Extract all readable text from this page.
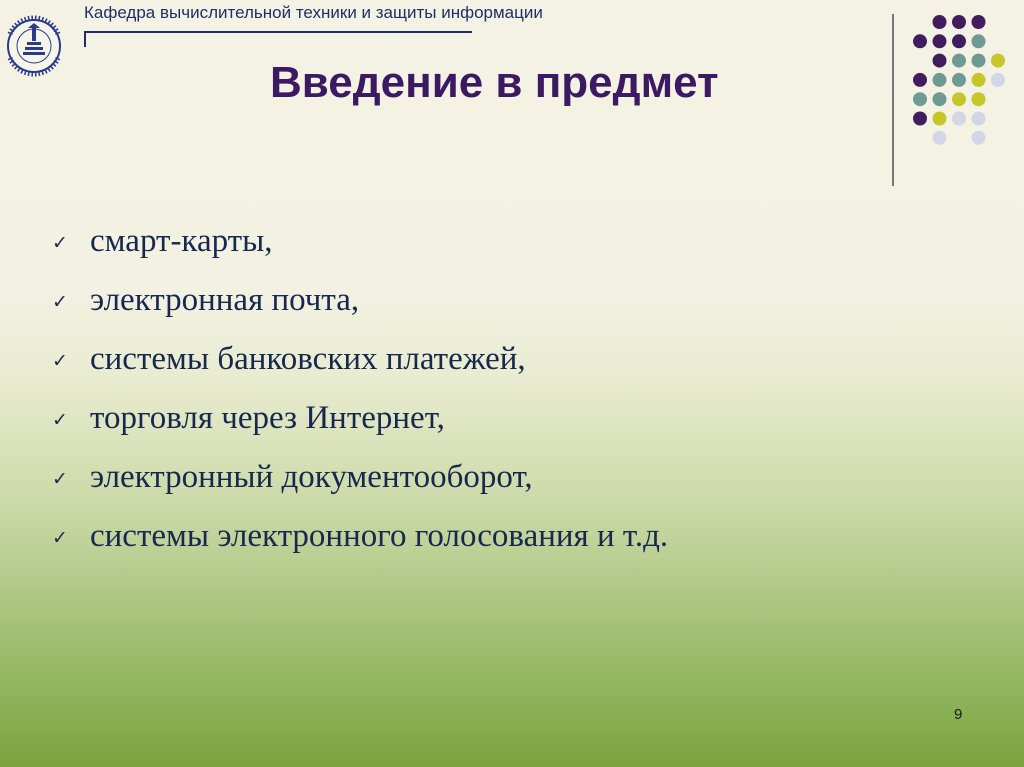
Кафедра вычислительной техники и защиты информации
Введение в предмет
✓ смарт-карты,
✓ электронная почта,
✓ системы банковских платежей,
✓ торговля через Интернет,
✓ электронный документооборот,
✓ системы электронного голосования и т.д.
9
